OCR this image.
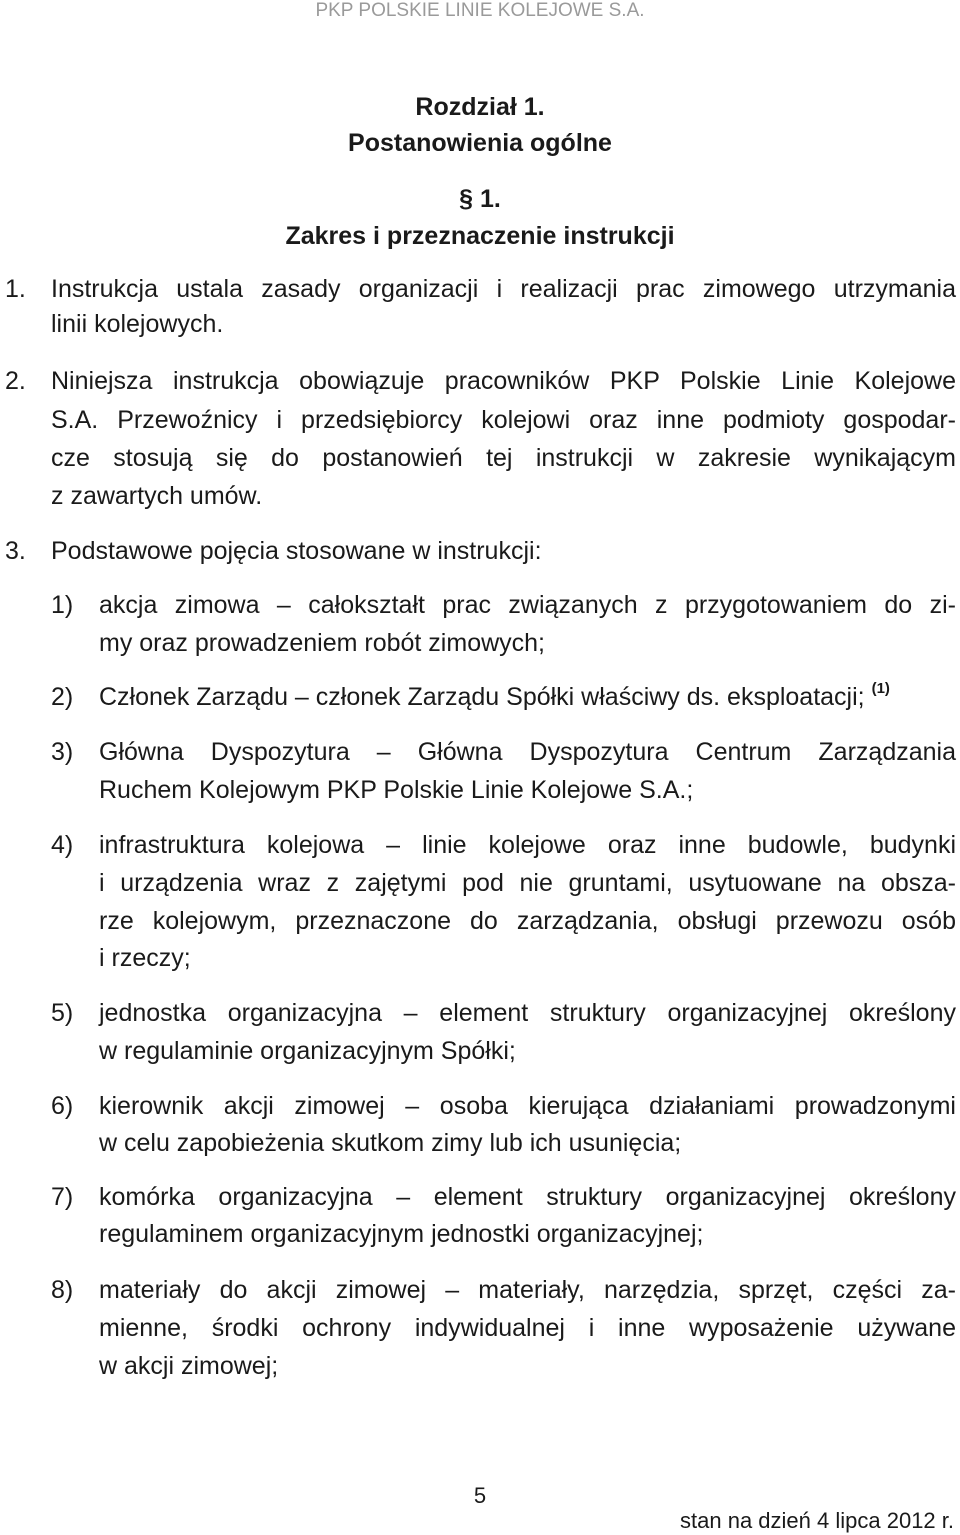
PKP POLSKIE LINIE KOLEJOWE S.A.
Rozdział 1.
Postanowienia ogólne
§ 1.
Zakres i przeznaczenie instrukcji
1. Instrukcja ustala zasady organizacji i realizacji prac zimowego utrzymania
linii kolejowych.
2. Niniejsza instrukcja obowiązuje pracowników PKP Polskie Linie Kolejowe
S.A. Przewoźnicy i przedsiębiorcy kolejowi oraz inne podmioty gospodar-
cze stosują się do postanowień tej instrukcji w zakresie wynikającym
z zawartych umów.
3. Podstawowe pojęcia stosowane w instrukcji:
1) akcja zimowa – całokształt prac związanych z przygotowaniem do zi-
my oraz prowadzeniem robót zimowych;
2) Członek Zarządu – członek Zarządu Spółki właściwy ds. eksploatacji; $^{(1)}$
3) Główna Dyspozytura – Główna Dyspozytura Centrum Zarządzania
Ruchem Kolejowym PKP Polskie Linie Kolejowe S.A.;
4) infrastruktura kolejowa – linie kolejowe oraz inne budowle, budynki
i urządzenia wraz z zajętymi pod nie gruntami, usytuowane na obsza-
rze kolejowym, przeznaczone do zarządzania, obsługi przewozu osób
i rzeczy;
5) jednostka organizacyjna – element struktury organizacyjnej określony
w regulaminie organizacyjnym Spółki;
6) kierownik akcji zimowej – osoba kierująca działaniami prowadzonymi
w celu zapobieżenia skutkom zimy lub ich usunięcia;
7) komórka organizacyjna – element struktury organizacyjnej określony
regulaminem organizacyjnym jednostki organizacyjnej;
8) materiały do akcji zimowej – materiały, narzędzia, sprzęt, części za-
mienne, środki ochrony indywidualnej i inne wyposażenie używane
w akcji zimowej;
5
stan na dzień 4 lipca 2012 r.
